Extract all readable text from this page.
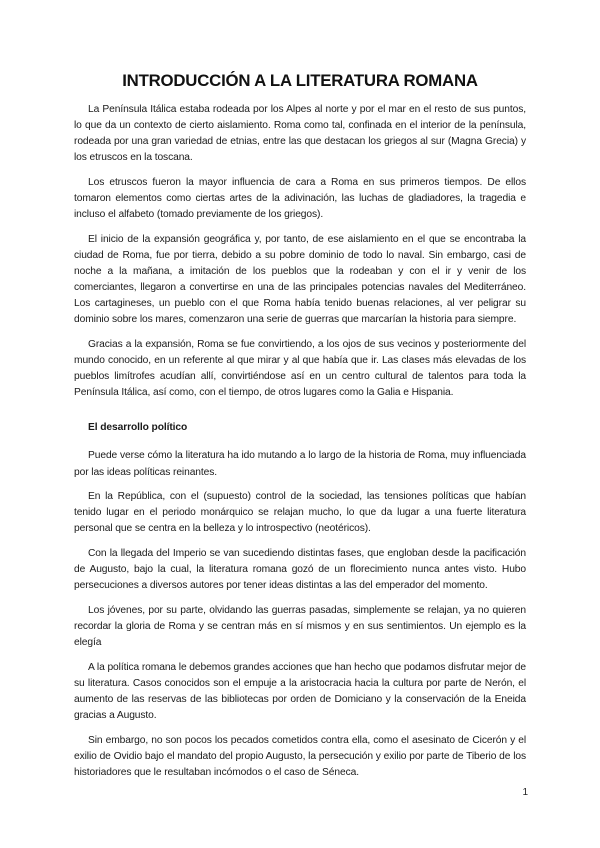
INTRODUCCIÓN A LA LITERATURA ROMANA

La Península Itálica estaba rodeada por los Alpes al norte y por el mar en el resto de sus puntos, lo que da un contexto de cierto aislamiento. Roma como tal, confinada en el interior de la península, rodeada por una gran variedad de etnias, entre las que destacan los griegos al sur (Magna Grecia) y los etruscos en la toscana.

Los etruscos fueron la mayor influencia de cara a Roma en sus primeros tiempos. De ellos tomaron elementos como ciertas artes de la adivinación, las luchas de gladiadores, la tragedia e incluso el alfabeto (tomado previamente de los griegos).

El inicio de la expansión geográfica y, por tanto, de ese aislamiento en el que se encontraba la ciudad de Roma, fue por tierra, debido a su pobre dominio de todo lo naval. Sin embargo, casi de noche a la mañana, a imitación de los pueblos que la rodeaban y con el ir y venir de los comerciantes, llegaron a convertirse en una de las principales potencias navales del Mediterráneo. Los cartagineses, un pueblo con el que Roma había tenido buenas relaciones, al ver peligrar su dominio sobre los mares, comenzaron una serie de guerras que marcarían la historia para siempre.

Gracias a la expansión, Roma se fue convirtiendo, a los ojos de sus vecinos y posteriormente del mundo conocido, en un referente al que mirar y al que había que ir. Las clases más elevadas de los pueblos limítrofes acudían allí, convirtiéndose así en un centro cultural de talentos para toda la Península Itálica, así como, con el tiempo, de otros lugares como la Galia e Hispania.

El desarrollo político

Puede verse cómo la literatura ha ido mutando a lo largo de la historia de Roma, muy influenciada por las ideas políticas reinantes.

En la República, con el (supuesto) control de la sociedad, las tensiones políticas que habían tenido lugar en el periodo monárquico se relajan mucho, lo que da lugar a una fuerte literatura personal que se centra en la belleza y lo introspectivo (neotéricos).

Con la llegada del Imperio se van sucediendo distintas fases, que engloban desde la pacificación de Augusto, bajo la cual, la literatura romana gozó de un florecimiento nunca antes visto. Hubo persecuciones a diversos autores por tener ideas distintas a las del emperador del momento.

Los jóvenes, por su parte, olvidando las guerras pasadas, simplemente se relajan, ya no quieren recordar la gloria de Roma y se centran más en sí mismos y en sus sentimientos. Un ejemplo es la elegía

A la política romana le debemos grandes acciones que han hecho que podamos disfrutar mejor de su literatura. Casos conocidos son el empuje a la aristocracia hacia la cultura por parte de Nerón, el aumento de las reservas de las bibliotecas por orden de Domiciano y la conservación de la Eneida gracias a Augusto.

Sin embargo, no son pocos los pecados cometidos contra ella, como el asesinato de Cicerón y el exilio de Ovidio bajo el mandato del propio Augusto, la persecución y exilio por parte de Tiberio de los historiadores que le resultaban incómodos o el caso de Séneca.

1
